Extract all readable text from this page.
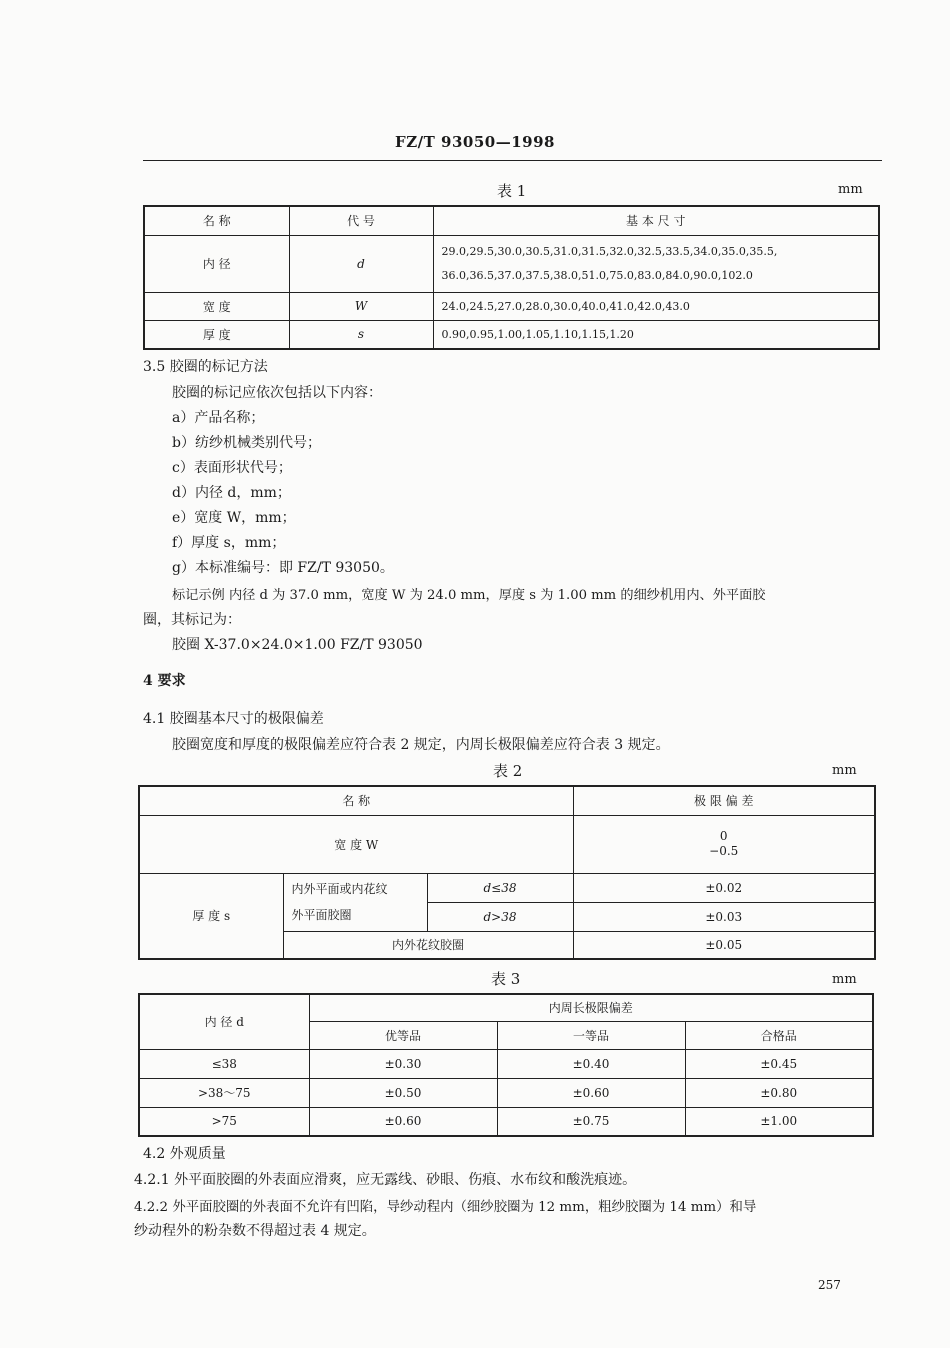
FZ/T 93050—1998
表 1	mm
名 称	代 号	基 本 尺 寸
内 径	d	29.0,29.5,30.0,30.5,31.0,31.5,32.0,32.5,33.5,34.0,35.0,35.5,
36.0,36.5,37.0,37.5,38.0,51.0,75.0,83.0,84.0,90.0,102.0

宽 度	W	24.0,24.5,27.0,28.0,30.0,40.0,41.0,42.0,43.0
厚 度	s	0.90,0.95,1.00,1.05,1.10,1.15,1.20
3.5 胶圈的标记方法
胶圈的标记应依次包括以下内容：
a）产品名称；
b）纺纱机械类别代号；
c）表面形状代号；
d）内径 d，mm；
e）宽度 W，mm；
f）厚度 s，mm；
g）本标准编号：即 FZ/T 93050。
标记示例 内径 d 为 37.0 mm，宽度 W 为 24.0 mm，厚度 s 为 1.00 mm 的细纱机用内、外平面胶
圈，其标记为：
胶圈 X-37.0×24.0×1.00 FZ/T 93050
4 要求
4.1 胶圈基本尺寸的极限偏差
胶圈宽度和厚度的极限偏差应符合表 2 规定，内周长极限偏差应符合表 3 规定。
表 2	mm
名 称			极 限 偏 差
宽 度 W			0
−0.5

厚 度 s	内外平面或内花纹
外平面胶圈	d≤38	±0.02
		d>38	±0.03
	内外花纹胶圈		±0.05
表 3	mm
内 径 d	内周长极限偏差		
	优等品	一等品	合格品
≤38	±0.30	±0.40	±0.45
>38～75	±0.50	±0.60	±0.80
>75	±0.60	±0.75	±1.00
4.2 外观质量
4.2.1 外平面胶圈的外表面应滑爽，应无露线、砂眼、伤痕、水布纹和酸洗痕迹。
4.2.2 外平面胶圈的外表面不允许有凹陷，导纱动程内（细纱胶圈为 12 mm，粗纱胶圈为 14 mm）和导
纱动程外的粉杂数不得超过表 4 规定。
257
